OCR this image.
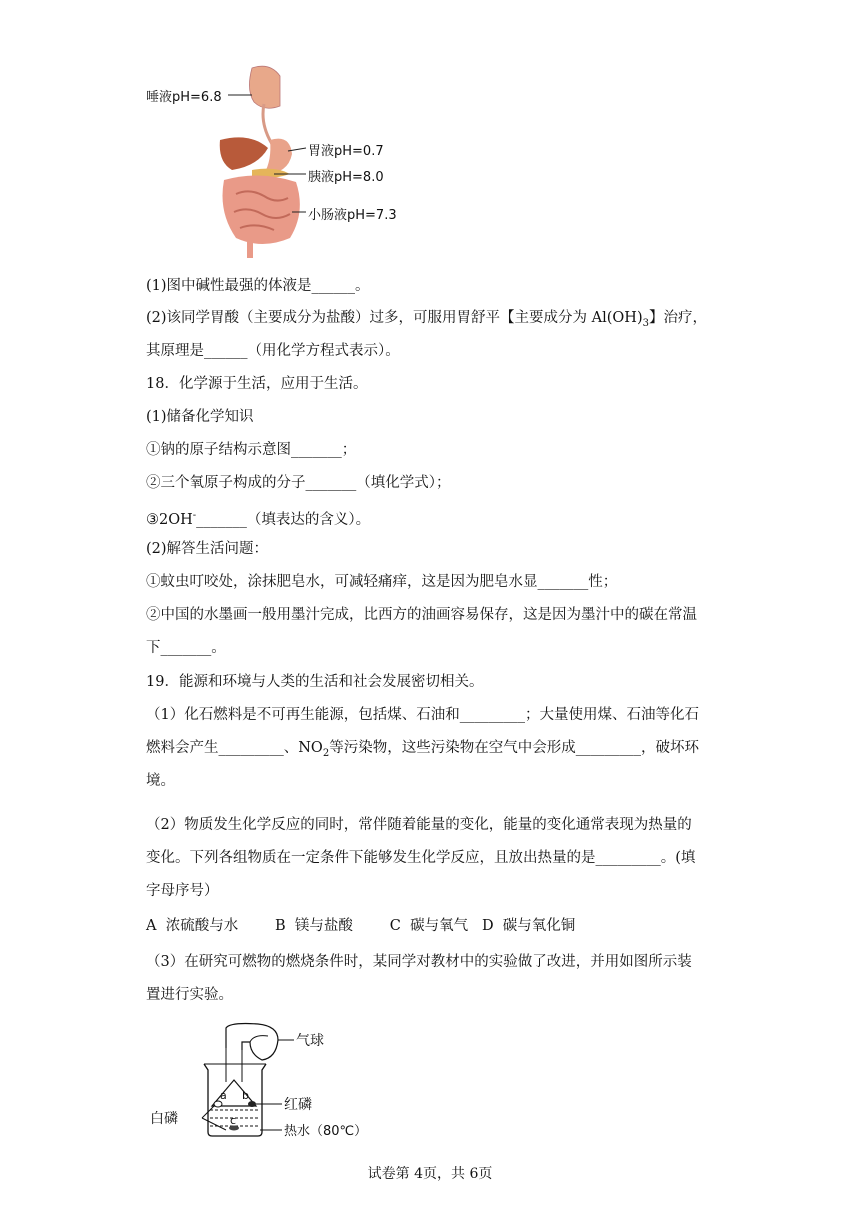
唾液pH=6.8
胃液pH=0.7
胰液pH=8.0
小肠液pH=7.3
(1)图中碱性最强的体液是______。
(2)该同学胃酸（主要成分为盐酸）过多，可服用胃舒平【主要成分为 $Al(OH)_3$】治疗，
其原理是______（用化学方程式表示）。
18．化学源于生活，应用于生活。
(1)储备化学知识
①钠的原子结构示意图_______；
②三个氧原子构成的分子_______（填化学式）；
③2OH-_______（填表达的含义）。
(2)解答生活问题：
①蚊虫叮咬处，涂抹肥皂水，可减轻痛痒，这是因为肥皂水显_______性；
②中国的水墨画一般用墨汁完成，比西方的油画容易保存，这是因为墨汁中的碳在常温
下_______。
19．能源和环境与人类的生活和社会发展密切相关。
（1）化石燃料是不可再生能源，包括煤、石油和_________；大量使用煤、石油等化石
燃料会产生_________、$NO_2$等污染物，这些污染物在空气中会形成_________，破坏环
境。
（2）物质发生化学反应的同时，常伴随着能量的变化，能量的变化通常表现为热量的
变化。下列各组物质在一定条件下能够发生化学反应，且放出热量的是_________。(填
字母序号）
A  浓硫酸与水        B  镁与盐酸        C  碳与氧气   D  碳与氧化铜
（3）在研究可燃物的燃烧条件时，某同学对教材中的实验做了改进，并用如图所示装
置进行实验。
a b
c
气球
红磷
热水（80℃）
白磷
试卷第 4页，共 6页
